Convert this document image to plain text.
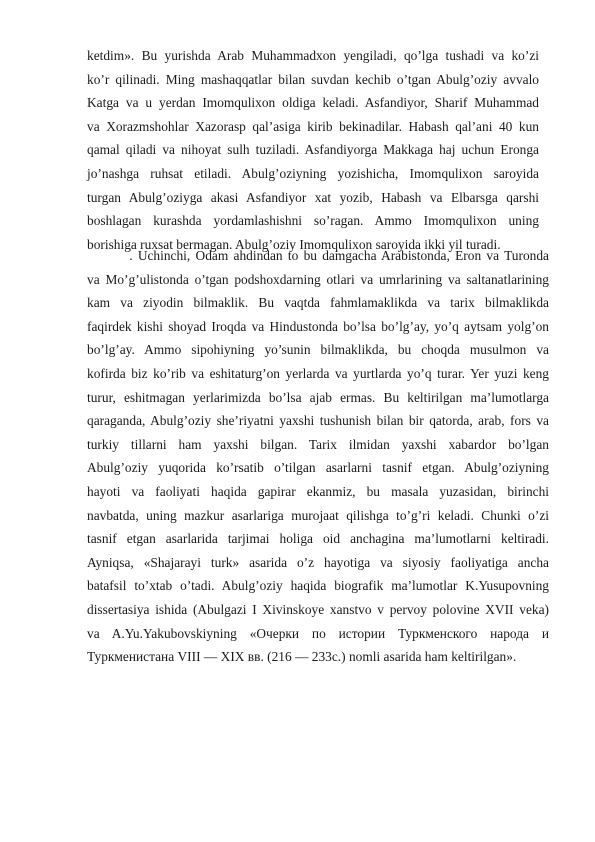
ketdim». Bu yurishda Arab Muhammadxon yengiladi, qo’lga tushadi va ko’zi
ko’r qilinadi. Ming mashaqqatlar bilan suvdan kechib o’tgan Abulg’oziy avvalo
Katga va u yerdan Imomqulixon oldiga keladi. Asfandiyor, Sharif Muhammad
va Xorazmshohlar Xazorasp qal’asiga kirib bekinadilar. Habash qal’ani 40 kun
qamal qiladi va nihoyat sulh tuziladi. Asfandiyorga Makkaga haj uchun Eronga
jo’nashga ruhsat etiladi. Abulg’oziyning yozishicha, Imomqulixon saroyida
turgan Abulg’oziyga akasi Asfandiyor xat yozib, Habash va Elbarsga qarshi
boshlagan kurashda yordamlashishni so’ragan. Ammo Imomqulixon uning
borishiga ruxsat bermagan. Abulg’oziy Imomqulixon saroyida ikki yil turadi.
. Uchinchi, Odam ahdindan to bu damgacha Arabistonda, Eron va Turonda
va Mo’g’ulistonda o’tgan podshoxdarning otlari va umrlarining va saltanatlarining
kam va ziyodin bilmaklik. Bu vaqtda fahmlamaklikda va tarix bilmaklikda
faqirdek kishi shoyad Iroqda va Hindustonda bo’lsa bo’lg’ay, yo’q aytsam yolg’on
bo’lg’ay. Ammo sipohiyning yo’sunin bilmaklikda, bu choqda musulmon va
kofirda biz ko’rib va eshitaturg’on yerlarda va yurtlarda yo’q turar. Yer yuzi keng
turur, eshitmagan yerlarimizda bo’lsa ajab ermas. Bu keltirilgan ma’lumotlarga
qaraganda, Abulg’oziy she’riyatni yaxshi tushunish bilan bir qatorda, arab, fors va
turkiy tillarni ham yaxshi bilgan. Tarix ilmidan yaxshi xabardor bo’lgan
Abulg’oziy yuqorida ko’rsatib o’tilgan asarlarni tasnif etgan. Abulg’oziyning
hayoti va faoliyati haqida gapirar ekanmiz, bu masala yuzasidan, birinchi
navbatda, uning mazkur asarlariga murojaat qilishga to’g’ri keladi. Chunki o’zi
tasnif etgan asarlarida tarjimai holiga oid anchagina ma’lumotlarni keltiradi.
Ayniqsa, «Shajarayi turk» asarida o’z hayotiga va siyosiy faoliyatiga ancha
batafsil to’xtab o’tadi. Abulg’oziy haqida biografik ma’lumotlar K.Yusupovning
dissertasiya ishida (Abulgazi I Xivinskoye xanstvo v pervoy polovine XVII veka)
va A.Yu.Yakubovskiyning «Очерки по истории Туркменского народа и
Туркменистана VIII — XIX вв. (216 — 233с.) nomli asarida ham keltirilgan».
